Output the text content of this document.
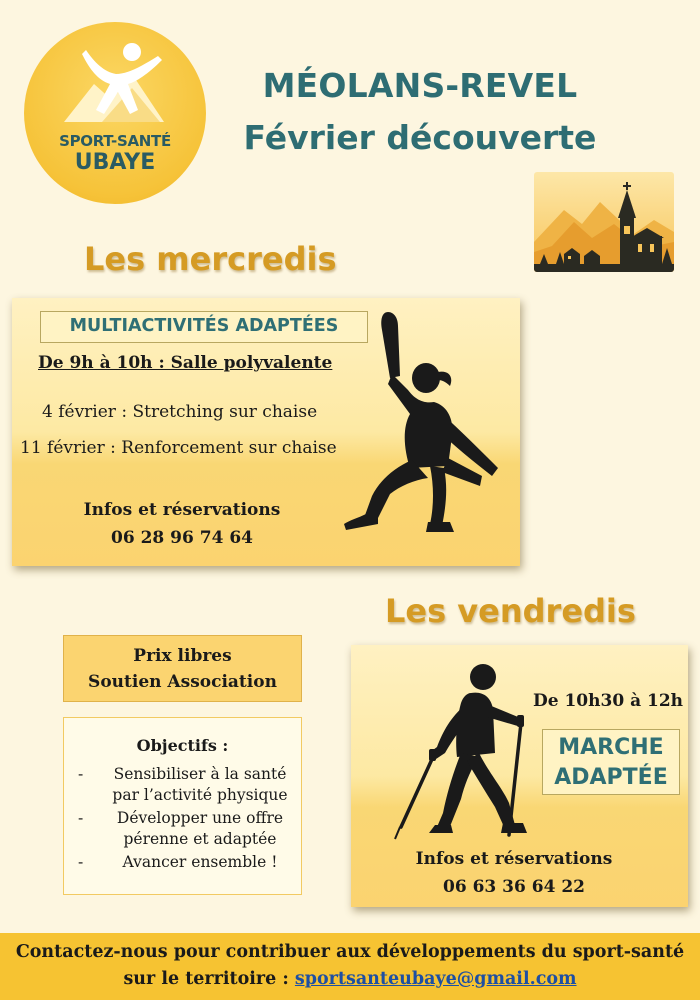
SPORT-SANTÉ
UBAYE
MÉOLANS-REVEL
Février découverte
Les mercredis
MULTIACTIVITÉS ADAPTÉES
De 9h à 10h : Salle polyvalente
4 février : Stretching sur chaise
11 février : Renforcement sur chaise
Infos et réservations
06 28 96 74 64
Les vendredis
Prix libres
Soutien Association
Objectifs :
- Sensibiliser à la santé par l’activité physique
- Développer une offre pérenne et adaptée
- Avancer ensemble !
De 10h30 à 12h
MARCHE
ADAPTÉE
Infos et réservations
06 63 36 64 22
Contactez-nous pour contribuer aux développements du sport-santé
sur le territoire : sportsanteubaye@gmail.com
